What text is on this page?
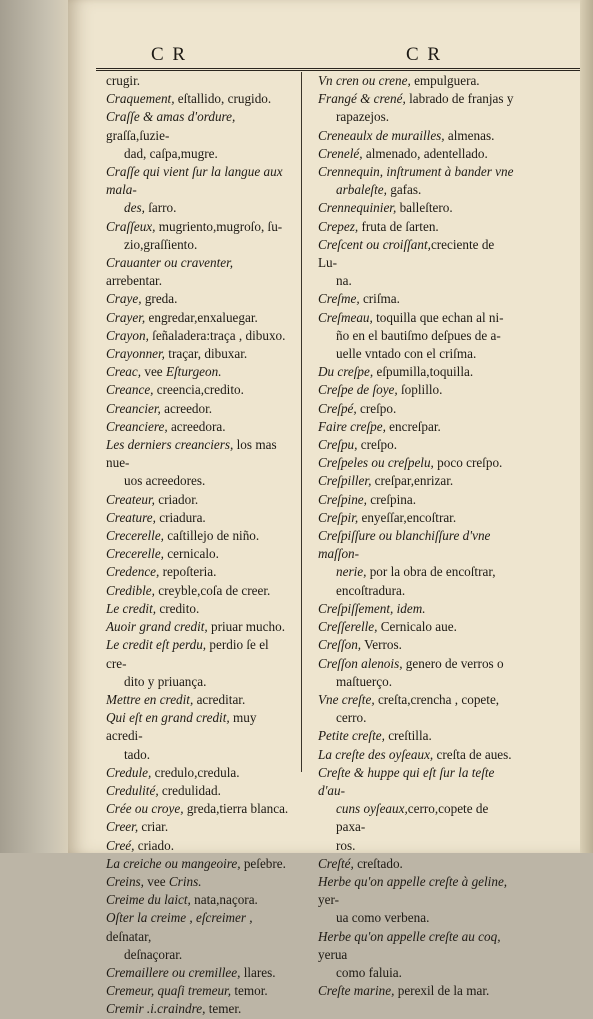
C R	C R
crugir.
Craquement, eſtallido, crugido.
Craſſe & amas d'ordure, graſſa,ſuzie-
dad, caſpa,mugre.
Craſſe qui vient ſur la langue aux mala-
des, ſarro.
Craſſeux, mugriento,mugroſo, ſu-
zio,graſſiento.
Crauanter ou craventer, arrebentar.
Craye, greda.
Crayer, engredar,enxaluegar.
Crayon, ſeñaladera:traça , dibuxo.
Crayonner, traçar, dibuxar.
Creac, vee Eſturgeon.
Creance, creencia,credito.
Creancier, acreedor.
Creanciere, acreedora.
Les derniers creanciers, los mas nue-
uos acreedores.
Createur, criador.
Creature, criadura.
Crecerelle, caſtillejo de niño.
Crecerelle, cernicalo.
Credence, repoſteria.
Credible, creyble,coſa de creer.
Le credit, credito.
Auoir grand credit, priuar mucho.
Le credit eſt perdu, perdio ſe el cre-
dito y priuança.
Mettre en credit, acreditar.
Qui eſt en grand credit, muy acredi-
tado.
Credule, credulo,credula.
Credulité, credulidad.
Crée ou croye, greda,tierra blanca.
Creer, criar.
Creé, criado.
La creiche ou mangeoire, peſebre.
Creins, vee Crins.
Creime du laict, nata,naçora.
Oſter la creime , eſcreimer , deſnatar,
deſnaçorar.
Cremaillere ou cremillee, llares.
Cremeur, quaſi tremeur, temor.
Cremir .i.craindre, temer.
Vn cren ou crene, empulguera.
Frangé & crené, labrado de franjas y
rapazejos.
Creneaulx de murailles, almenas.
Crenelé, almenado, adentellado.
Crennequin, inſtrument à bander vne
arbaleſte, gafas.
Crennequinier, balleſtero.
Crepez, fruta de ſarten.
Creſcent ou croiſſant,creciente de Lu-
na.
Creſme, criſma.
Creſmeau, toquilla que echan al ni-
ño en el bautiſmo deſpues de a-
uelle vntado con el criſma.
Du creſpe, eſpumilla,toquilla.
Creſpe de ſoye, ſoplillo.
Creſpé, creſpo.
Faire creſpe, encreſpar.
Creſpu, creſpo.
Creſpeles ou creſpelu, poco creſpo.
Creſpiller, creſpar,enrizar.
Creſpine, creſpina.
Creſpir, enyeſſar,encoſtrar.
Creſpiſſure ou blanchiſſure d'vne maſſon-
nerie, por la obra de encoſtrar,
encoſtradura.
Creſpiſſement, idem.
Creſſerelle, Cernicalo aue.
Creſſon, Verros.
Creſſon alenois, genero de verros o
maſtuerço.
Vne creſte, creſta,crencha , copete,
cerro.
Petite creſte, creſtilla.
La creſte des oyſeaux, creſta de aues.
Creſte & huppe qui eſt ſur la teſte d'au-
cuns oyſeaux,cerro,copete de paxa-
ros.
Creſté, creſtado.
Herbe qu'on appelle creſte à geline, yer-
ua como verbena.
Herbe qu'on appelle creſte au coq, yerua
como faluia.
Creſte marine, perexil de la mar.
